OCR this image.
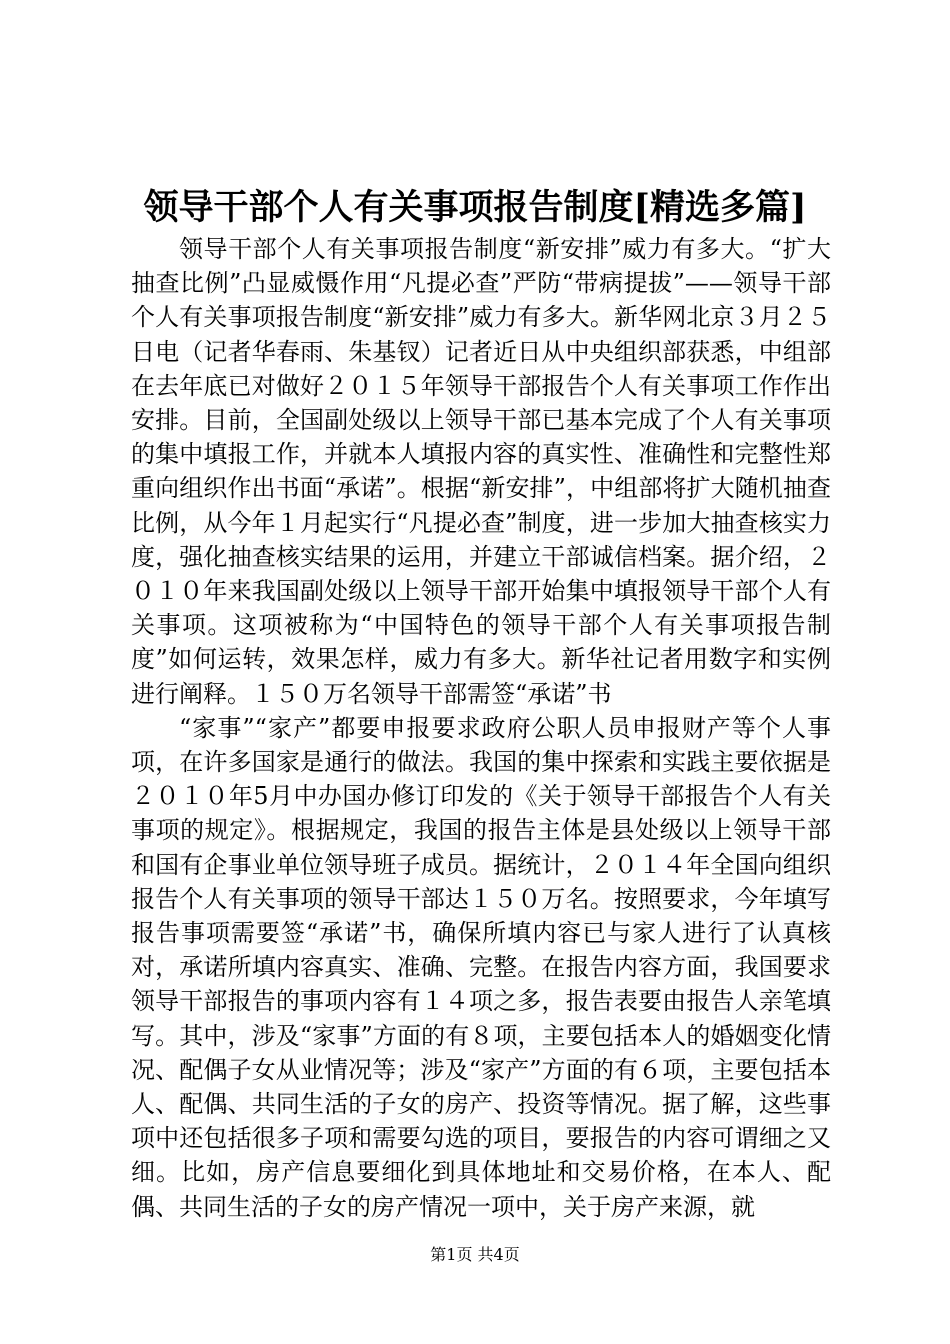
领导干部个人有关事项报告制度[精选多篇]

领导干部个人有关事项报告制度“新安排”威力有多大。“扩大抽查比例”凸显威慑作用“凡提必查”严防“带病提拔”——领导干部个人有关事项报告制度“新安排”威力有多大。新华网北京３月２５日电（记者华春雨、朱基钗）记者近日从中央组织部获悉，中组部在去年底已对做好２０１５年领导干部报告个人有关事项工作作出安排。目前，全国副处级以上领导干部已基本完成了个人有关事项的集中填报工作，并就本人填报内容的真实性、准确性和完整性郑重向组织作出书面“承诺”。根据“新安排”，中组部将扩大随机抽查比例，从今年１月起实行“凡提必查”制度，进一步加大抽查核实力度，强化抽查核实结果的运用，并建立干部诚信档案。据介绍，２０１０年来我国副处级以上领导干部开始集中填报领导干部个人有关事项。这项被称为“中国特色的领导干部个人有关事项报告制度”如何运转，效果怎样，威力有多大。新华社记者用数字和实例进行阐释。１５０万名领导干部需签“承诺”书

“家事”“家产”都要申报要求政府公职人员申报财产等个人事项，在许多国家是通行的做法。我国的集中探索和实践主要依据是２０１０年5月中办国办修订印发的《关于领导干部报告个人有关事项的规定》。根据规定，我国的报告主体是县处级以上领导干部和国有企事业单位领导班子成员。据统计，２０１４年全国向组织报告个人有关事项的领导干部达１５０万名。按照要求，今年填写报告事项需要签“承诺”书，确保所填内容已与家人进行了认真核对，承诺所填内容真实、准确、完整。在报告内容方面，我国要求领导干部报告的事项内容有１４项之多，报告表要由报告人亲笔填写。其中，涉及“家事”方面的有８项，主要包括本人的婚姻变化情况、配偶子女从业情况等；涉及“家产”方面的有６项，主要包括本人、配偶、共同生活的子女的房产、投资等情况。据了解，这些事项中还包括很多子项和需要勾选的项目，要报告的内容可谓细之又细。比如，房产信息要细化到具体地址和交易价格，在本人、配偶、共同生活的子女的房产情况一项中，关于房产来源，就

第1页 共4页
